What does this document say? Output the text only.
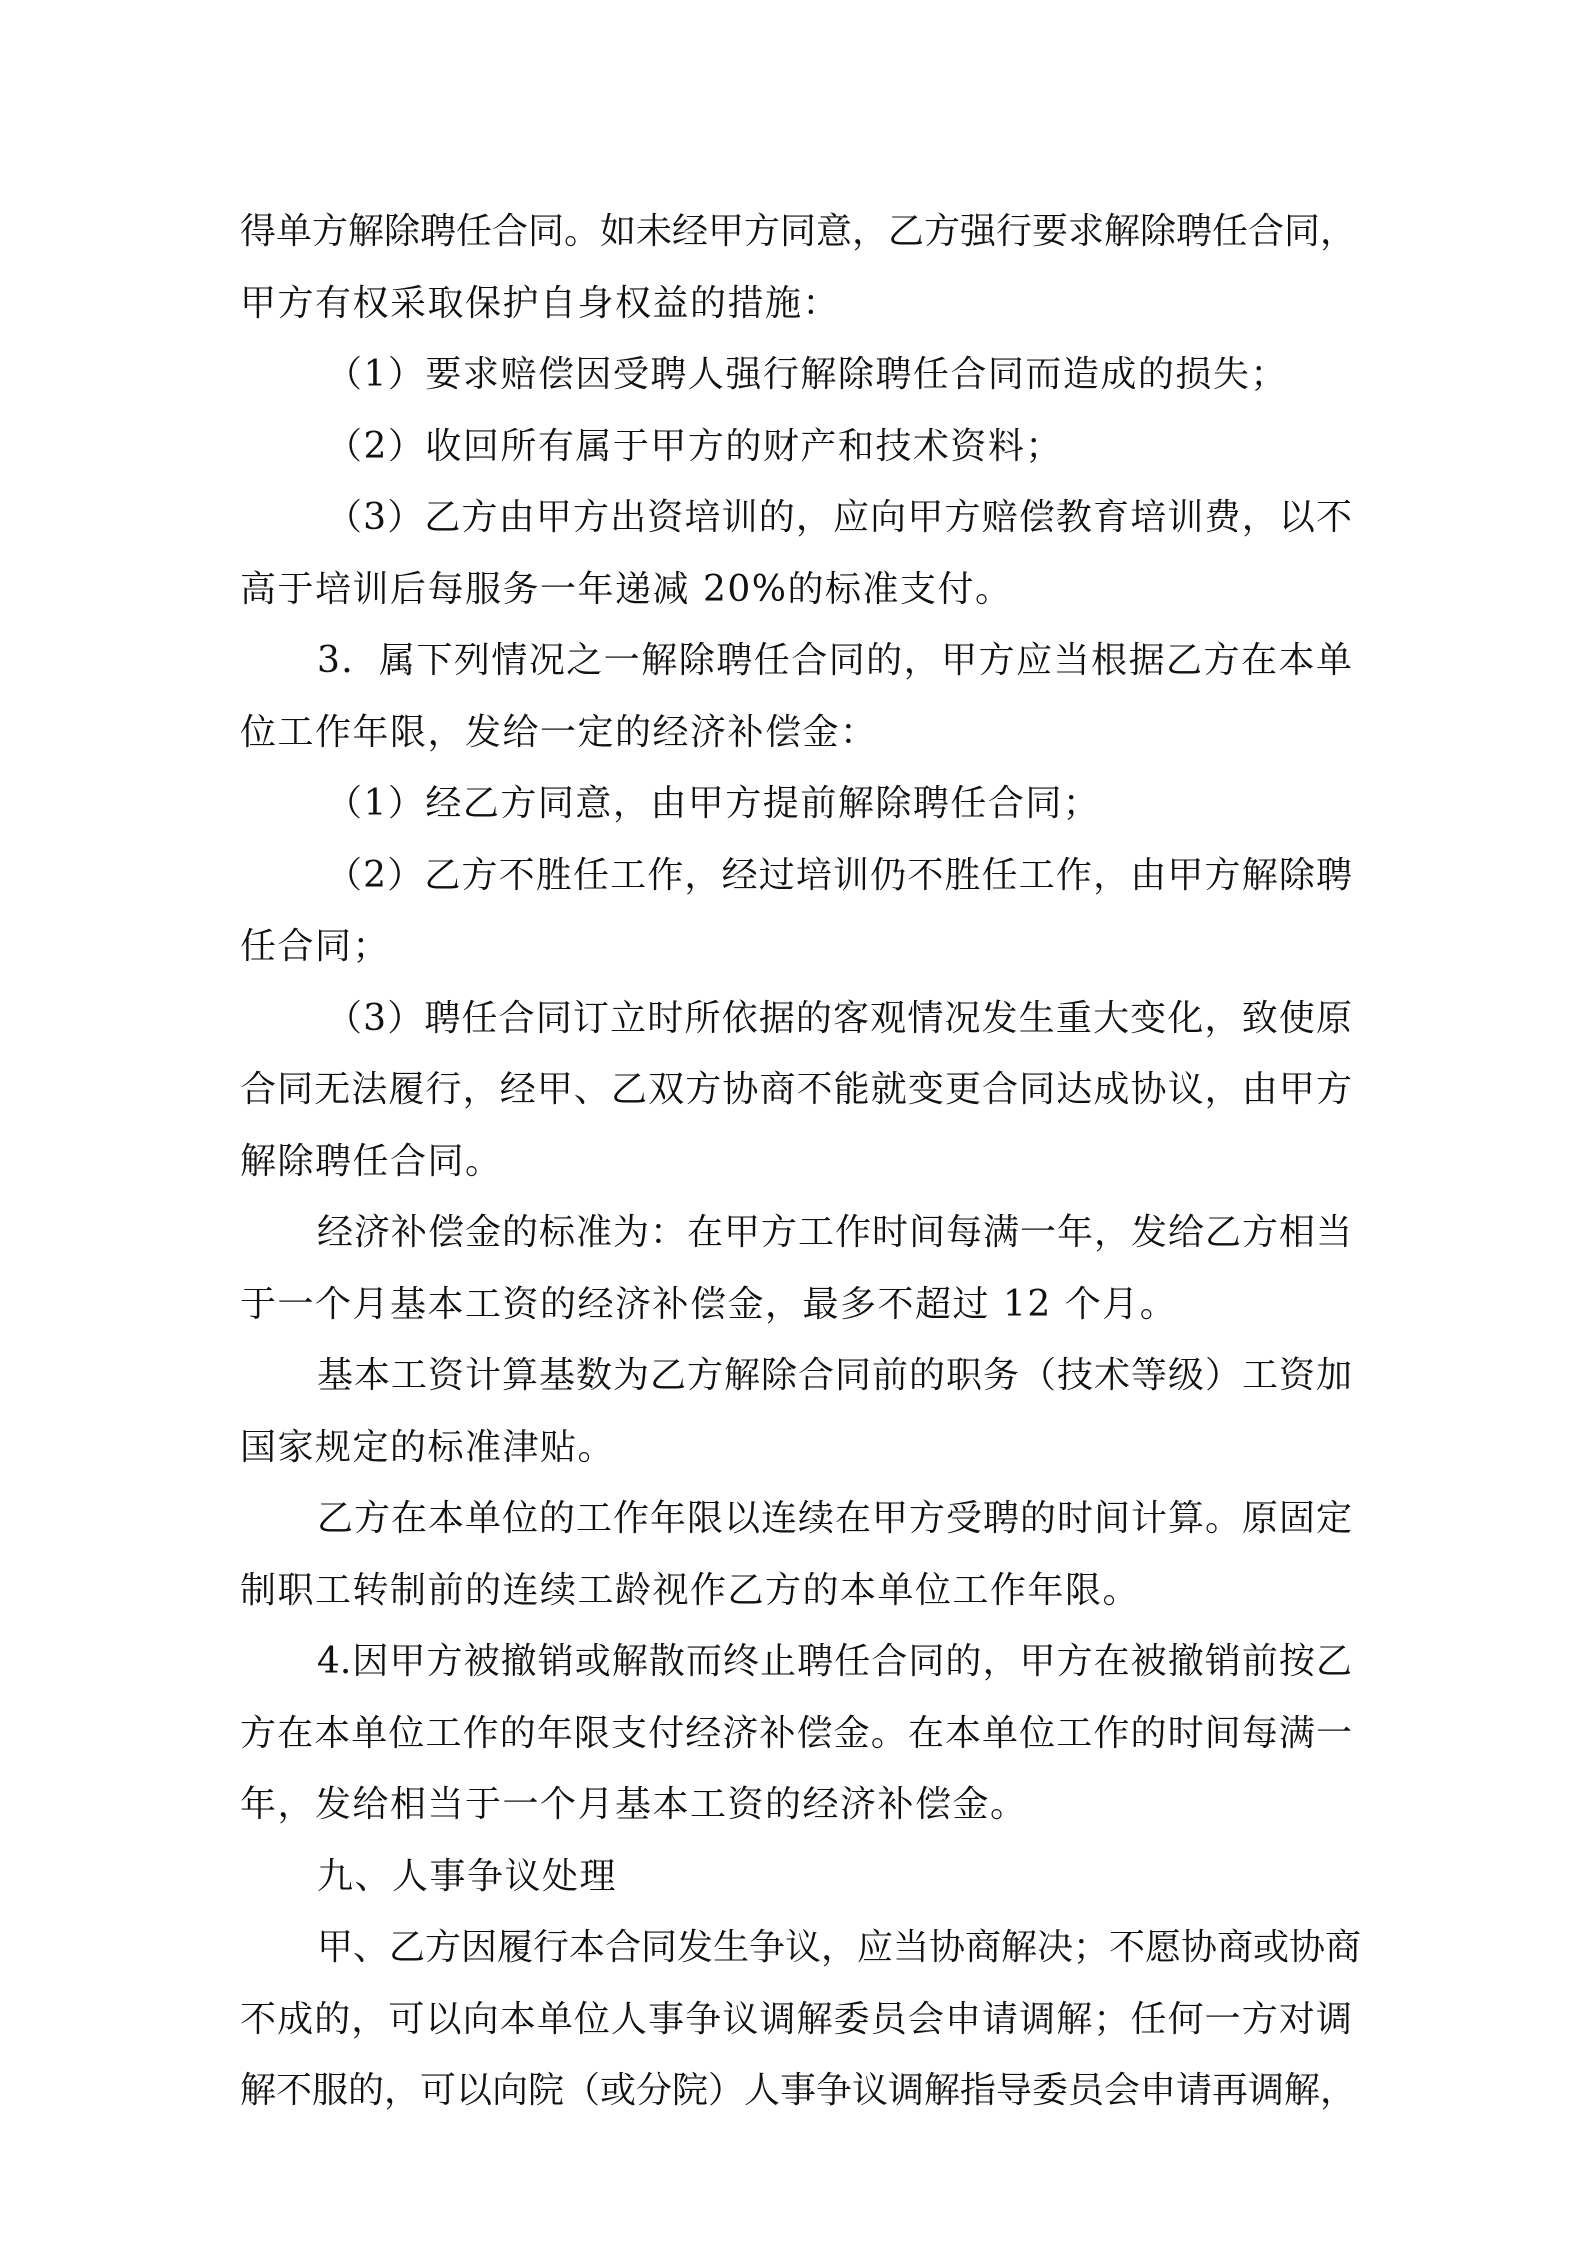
得单方解除聘任合同。如未经甲方同意，乙方强行要求解除聘任合同，
甲方有权采取保护自身权益的措施：
（1）要求赔偿因受聘人强行解除聘任合同而造成的损失；
（2）收回所有属于甲方的财产和技术资料；
（3）乙方由甲方出资培训的，应向甲方赔偿教育培训费，以不
高于培训后每服务一年递减 20%的标准支付。
3．属下列情况之一解除聘任合同的，甲方应当根据乙方在本单
位工作年限，发给一定的经济补偿金：
（1）经乙方同意，由甲方提前解除聘任合同；
（2）乙方不胜任工作，经过培训仍不胜任工作，由甲方解除聘
任合同；
（3）聘任合同订立时所依据的客观情况发生重大变化，致使原
合同无法履行，经甲、乙双方协商不能就变更合同达成协议，由甲方
解除聘任合同。
经济补偿金的标准为：在甲方工作时间每满一年，发给乙方相当
于一个月基本工资的经济补偿金，最多不超过 12 个月。
基本工资计算基数为乙方解除合同前的职务（技术等级）工资加
国家规定的标准津贴。
乙方在本单位的工作年限以连续在甲方受聘的时间计算。原固定
制职工转制前的连续工龄视作乙方的本单位工作年限。
4.因甲方被撤销或解散而终止聘任合同的，甲方在被撤销前按乙
方在本单位工作的年限支付经济补偿金。在本单位工作的时间每满一
年，发给相当于一个月基本工资的经济补偿金。
九、人事争议处理
甲、乙方因履行本合同发生争议，应当协商解决；不愿协商或协商
不成的，可以向本单位人事争议调解委员会申请调解；任何一方对调
解不服的，可以向院（或分院）人事争议调解指导委员会申请再调解，
